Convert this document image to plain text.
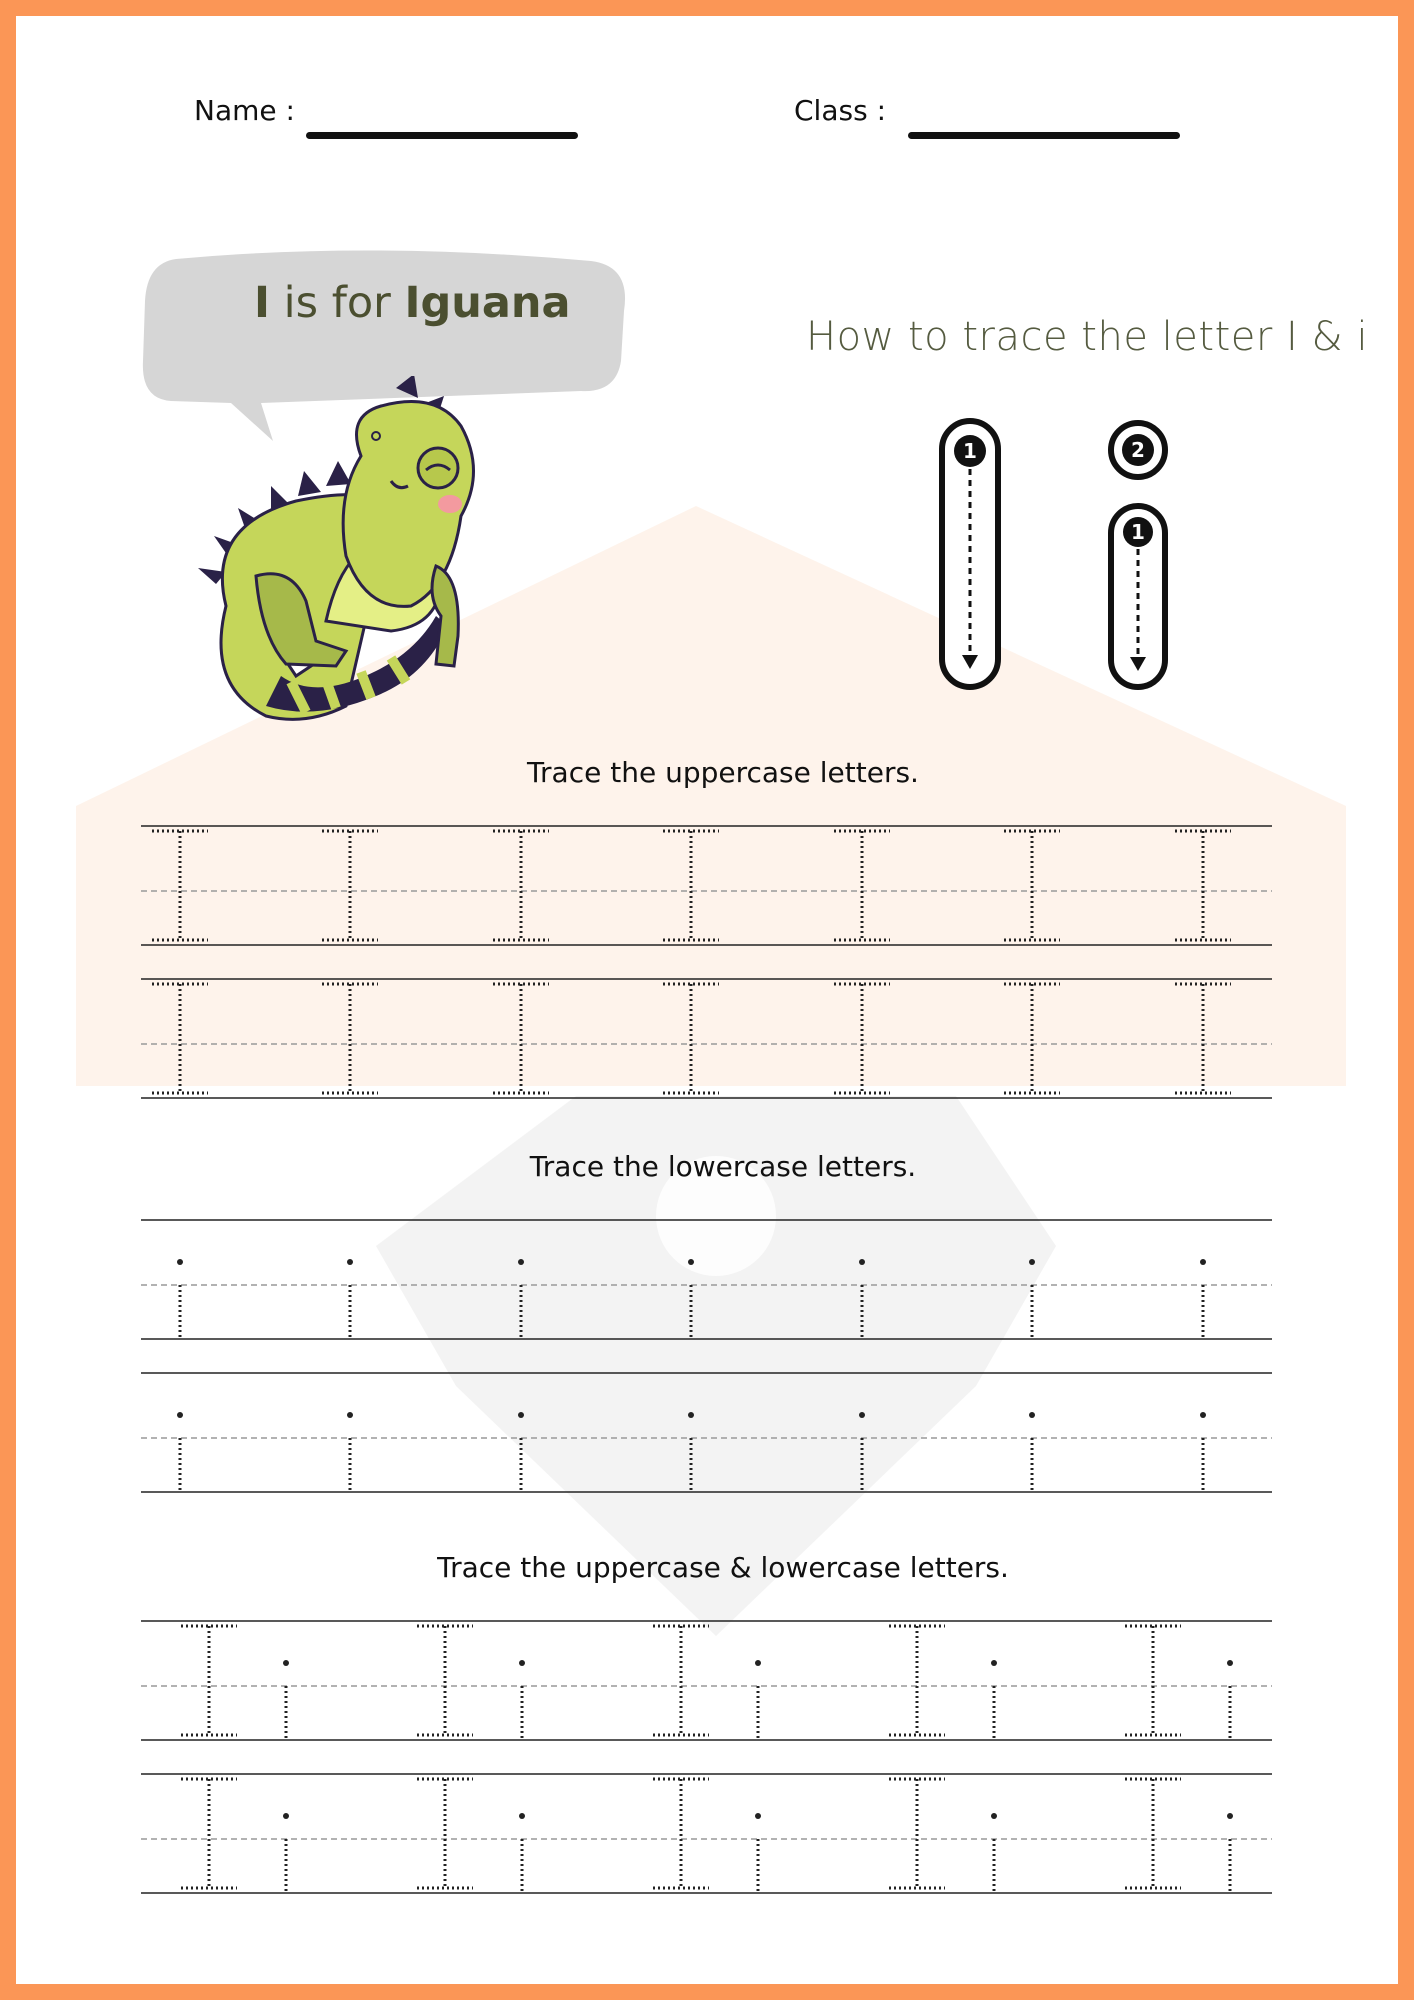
Name :	Class :
I is for Iguana
How to trace the letter I & i
1	2
1
Trace the uppercase letters.
Trace the lowercase letters.
Trace the uppercase & lowercase letters.
